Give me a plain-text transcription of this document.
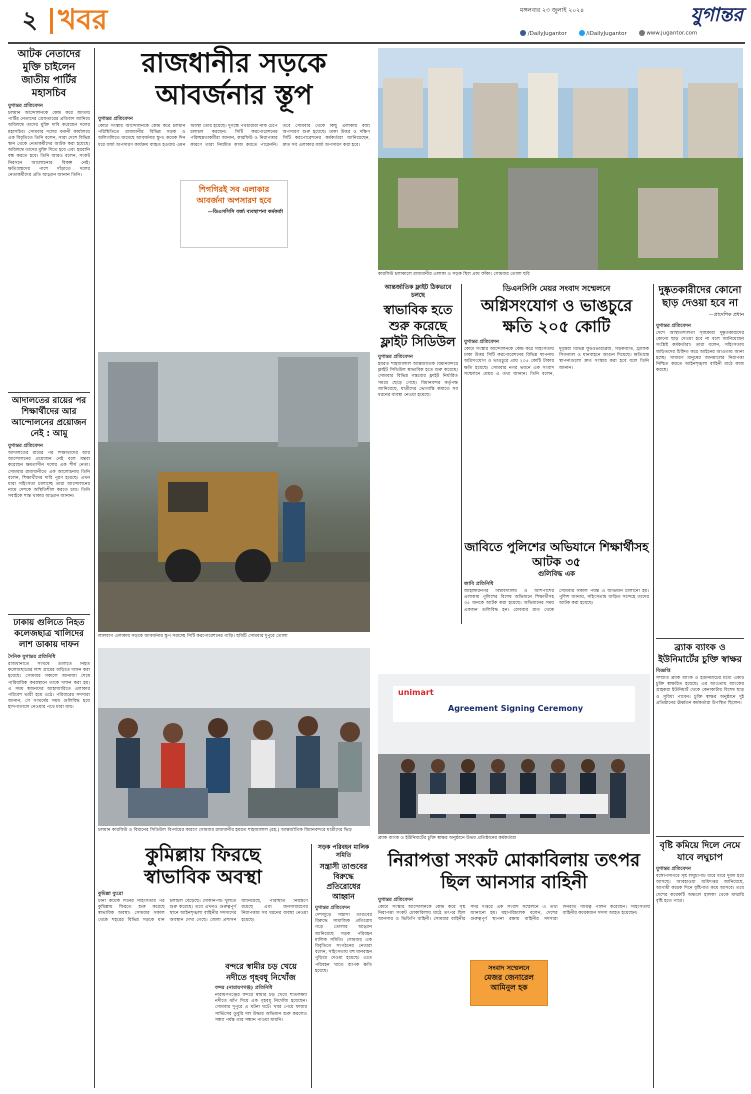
২ খবর	মঙ্গলবার ২৩ জুলাই ২০২৪	যুগান্তর
/DailyJugantor	/iDailyJugantor	www.jugantor.com
আটক নেতাদের মুক্তি চাইলেন জাতীয় পার্টির মহাসচিব
যুগান্তর প্রতিবেদন
চলমান আন্দোলনকে কেন্দ্র করে জাতীয় পার্টির নেতাদের গ্রেফতারের প্রতিবাদ জানিয়ে অবিলম্বে তাদের মুক্তি দাবি করেছেন দলের মহাসচিব। সোমবার দলের বনানী কার্যালয়ে এক বিবৃতিতে তিনি বলেন, সারা দেশে বিভিন্ন স্থান থেকে নেতাকর্মীদের আটক করা হয়েছে। অবিলম্বে তাদের মুক্তি দিতে হবে এবং হয়রানি বন্ধ করতে হবে। তিনি আরও বলেন, সংকট নিরসনে আলোচনার বিকল্প নেই। ক্ষতিগ্রস্তদের পাশে দাঁড়াতে দলের নেতাকর্মীদের প্রতি আহ্বান জানান তিনি।
আদালতের রায়ের পর শিক্ষার্থীদের আর আন্দোলনের প্রয়োজন নেই : আমু
যুগান্তর প্রতিবেদন
আদালতের রায়ের পর শিক্ষার্থীদের আর আন্দোলনের প্রয়োজন নেই বলে মন্তব্য করেছেন ক্ষমতাসীন দলের এক শীর্ষ নেতা। সোমবার রাজধানীতে এক আলোচনায় তিনি বলেন, শিক্ষার্থীদের দাবি পূরণ হয়েছে। এখন যারা সহিংসতা চালাচ্ছে তারা আন্দোলনের নামে দেশকে অস্থিতিশীল করতে চায়। তিনি সবাইকে শান্ত থাকার আহ্বান জানান।
ঢাকায় গুলিতে নিহত কলেজছাত্র খালিদের লাশ ডাকায় দাফন
দৈনিক যুগান্তর প্রতিনিধি
রাজধানীতে সংঘর্ষে গুলিতে নিহত কলেজছাত্রের লাশ গ্রামের বাড়িতে দাফন করা হয়েছে। সোমবার সকালে জানাজা শেষে পারিবারিক কবরস্থানে তাকে দাফন করা হয়। এ সময় স্বজনদের আহাজারিতে এলাকার পরিবেশ ভারী হয়ে ওঠে। পরিবারের সদস্যরা জানান, সে সংঘর্ষের সময় গুলিবিদ্ধ হয়ে হাসপাতালে নেওয়ার পথে মারা যায়।
রাজধানীর সড়কে
আবর্জনার স্তূপ
যুগান্তর প্রতিবেদন
কোটা সংস্কার আন্দোলনকে কেন্দ্র করে চলমান পরিস্থিতিতে রাজধানীর বিভিন্ন সড়ক ও অলিগলিতে জমেছে আবর্জনার স্তূপ। কয়েক দিন ধরে বর্জ্য অপসারণ কার্যক্রম ব্যাহত হওয়ায় এমন অবস্থা তৈরি হয়েছে। দুর্গন্ধে পথচারীরা নাক চেপে চলাচল করছেন। সিটি করপোরেশনের পরিচ্ছন্নতাকর্মীরা জানান, কারফিউ ও নিরাপত্তার কারণে তারা নিয়মিত কাজ করতে পারেননি। তবে সোমবার থেকে কিছু এলাকায় বর্জ্য অপসারণ শুরু হয়েছে। ঢাকা উত্তর ও দক্ষিণ সিটি করপোরেশনের কর্মকর্তারা জানিয়েছেন, দ্রুত সব এলাকার বর্জ্য অপসারণ করা হবে।
শিগগিরই সব এলাকার আবর্জনা অপসারণ হবে
—ডিএসসিসি বর্জ্য ব্যবস্থাপনা কর্মকর্তা
লালবাগ এলাকায় সড়কে আবর্জনার স্তূপ সরাচ্ছে সিটি করপোরেশনের গাড়ি। ছবিটি সোমবার দুপুরে তোলা
চলমান কারফিউ ও বিমানের সিডিউল বিপর্যয়ের কারণে সোমবার রাজধানীর হযরত শাহজালাল (রহ.) আন্তর্জাতিক বিমানবন্দরে যাত্রীদের ভিড়
কুমিল্লায় ফিরছে
স্বাভাবিক অবস্থা
কুমিল্লা ব্যুরো
টানা কয়েক দিনের সহিংসতার পর কুমিল্লায় ফিরতে শুরু করেছে স্বাভাবিক অবস্থা। সোমবার সকাল থেকে শহরের বিভিন্ন সড়কে যান চলাচল বেড়েছে। দোকানপাট খুলতে শুরু করেছে। তবে এখনও গুরুত্বপূর্ণ স্থানে আইনশৃঙ্খলা বাহিনীর সদস্যদের অবস্থান দেখা গেছে। জেলা প্রশাসন জানিয়েছে, পরিস্থিতি নিয়ন্ত্রণে রয়েছে এবং জনসাধারণের নিরাপত্তায় সব ধরনের ব্যবস্থা নেওয়া হয়েছে।
বন্দরে স্বামীর চড় খেয়ে নদীতে গৃহবধূ নিখোঁজ
বন্দর (নারায়ণগঞ্জ) প্রতিনিধি
নারায়ণগঞ্জের বন্দরে স্বামীর চড় খেয়ে শীতলক্ষ্যা নদীতে ঝাঁপ দিয়ে এক গৃহবধূ নিখোঁজ হয়েছেন। সোমবার দুপুরে এ ঘটনা ঘটে। খবর পেয়ে ফায়ার সার্ভিসের ডুবুরি দল উদ্ধার অভিযান শুরু করলেও সন্ধ্যা পর্যন্ত তার সন্ধান পাওয়া যায়নি।
সড়ক পরিবহন মালিক সমিতি
সন্ত্রাসী তাণ্ডবের বিরুদ্ধে প্রতিরোধের আহ্বান
যুগান্তর প্রতিবেদন
দেশজুড়ে সন্ত্রাসী তাণ্ডবের বিরুদ্ধে সামাজিক প্রতিরোধ গড়ে তোলার আহ্বান জানিয়েছে সড়ক পরিবহন মালিক সমিতি। সোমবার এক বিবৃতিতে সংগঠনের নেতারা বলেন, সহিংসতায় বহু যানবাহন পুড়িয়ে দেওয়া হয়েছে। এতে পরিবহন খাতে ব্যাপক ক্ষতি হয়েছে।
কারফিউ চলাকালে রাজধানীর এলাকা ও সড়ক ছিল প্রায় ফাঁকা। সোমবার তোলা ছবি
আন্তর্জাতিক ফ্লাইট ঠিকভাবে চলছে
স্বাভাবিক হতে শুরু করেছে ফ্লাইট সিডিউল
যুগান্তর প্রতিবেদন
হযরত শাহজালাল আন্তর্জাতিক বিমানবন্দরে ফ্লাইট সিডিউল স্বাভাবিক হতে শুরু করেছে। সোমবার বিভিন্ন গন্তব্যের ফ্লাইট নির্ধারিত সময়ে ছেড়ে গেছে। বিমানবন্দর কর্তৃপক্ষ জানিয়েছে, যাত্রীদের ভোগান্তি কমাতে সব ধরনের ব্যবস্থা নেওয়া হয়েছে।
ডিএনসিসি মেয়র সংবাদ সম্মেলনে
অগ্নিসংযোগ ও ভাঙচুরে ক্ষতি ২০৫ কোটি
যুগান্তর প্রতিবেদন
কোটা সংস্কার আন্দোলনকে কেন্দ্র করে সহিংসতায় ঢাকা উত্তর সিটি করপোরেশনের বিভিন্ন স্থাপনায় অগ্নিসংযোগ ও ভাঙচুরে প্রায় ২০৫ কোটি টাকার ক্ষতি হয়েছে। সোমবার নগর ভবনে এক সংবাদ সম্মেলনে মেয়র এ তথ্য জানান। তিনি বলেন, দুর্বৃত্তরা বিভিন্ন ফুটওভারব্রিজ, সড়কবাতি, ট্রাফিক সিগন্যাল ও যানবাহনে আগুন দিয়েছে। ক্ষতিগ্রস্ত স্থাপনাগুলো দ্রুত সংস্কার করা হবে বলে তিনি জানান।
জাবিতে পুলিশের অভিযানে শিক্ষার্থীসহ আটক ৩৫
গুলিবিদ্ধ এক
জাবি প্রতিনিধি
জাহাঙ্গীরনগর বিশ্ববিদ্যালয় ও আশপাশের এলাকায় পুলিশের বিশেষ অভিযানে শিক্ষার্থীসহ ৩৫ জনকে আটক করা হয়েছে। অভিযানের সময় একজন গুলিবিদ্ধ হন। রোববার রাত থেকে সোমবার সকাল পর্যন্ত এ অভিযান চালানো হয়। পুলিশ জানায়, সহিংসতায় জড়িত সন্দেহে তাদের আটক করা হয়েছে।
unimart
Agreement Signing Ceremony
ব্র্যাক ব্যাংক ও ইউনিমার্টের চুক্তি স্বাক্ষর অনুষ্ঠানে উভয় প্রতিষ্ঠানের কর্মকর্তারা
নিরাপত্তা সংকট মোকাবিলায় তৎপর ছিল আনসার বাহিনী
যুগান্তর প্রতিবেদন
কোটা সংস্কার আন্দোলনকে কেন্দ্র করে সৃষ্ট নিরাপত্তা সংকট মোকাবিলায় মাঠে তৎপর ছিল আনসার ও ভিডিপি বাহিনী। সোমবার বাহিনীর সদর দপ্তরে এক সংবাদ সম্মেলনে এ তথ্য জানানো হয়। মহাপরিচালক বলেন, দেশের গুরুত্বপূর্ণ স্থাপনা রক্ষায় বাহিনীর সদস্যরা দিনরাত দায়িত্ব পালন করেছেন। সহিংসতায় বাহিনীর কয়েকজন সদস্য আহত হয়েছেন।
সংবাদ সম্মেলনে
মেজর জেনারেল
আমিনুল হক
দুষ্কৃতকারীদের কোনো ছাড় দেওয়া হবে না
—প্রাদেশিক প্রধান
যুগান্তর প্রতিবেদন
দেশে অস্থিতিশীলতা সৃষ্টিকারী দুষ্কৃতকারীদের কোনো ছাড় দেওয়া হবে না বলে জানিয়েছেন সংশ্লিষ্ট কর্মকর্তারা। তারা বলেন, সহিংসতায় জড়িতদের চিহ্নিত করে আইনের আওতায় আনা হচ্ছে। সাধারণ মানুষের জানমালের নিরাপত্তা নিশ্চিত করতে আইনশৃঙ্খলা বাহিনী মাঠে কাজ করছে।
ব্র্যাক ব্যাংক ও ইউনিমার্টের চুক্তি স্বাক্ষর
বিজ্ঞপ্তি
সম্প্রতি ব্র্যাক ব্যাংক ও ইউনিমার্টের মধ্যে একটি চুক্তি স্বাক্ষরিত হয়েছে। এর আওতায় ব্যাংকের গ্রাহকরা ইউনিমার্ট থেকে কেনাকাটায় বিশেষ ছাড় ও সুবিধা পাবেন। চুক্তি স্বাক্ষর অনুষ্ঠানে দুই প্রতিষ্ঠানের ঊর্ধ্বতন কর্মকর্তারা উপস্থিত ছিলেন।
বৃষ্টি কমিয়ে দিলে নেমে যাবে লঘুচাপ
যুগান্তর প্রতিবেদন
বঙ্গোপসাগরে সৃষ্ট লঘুচাপটি ধীরে ধীরে দুর্বল হয়ে আসছে। আবহাওয়া অধিদপ্তর জানিয়েছে, আগামী কয়েক দিনে বৃষ্টিপাত কমে আসবে। তবে দেশের কয়েকটি অঞ্চলে হালকা থেকে মাঝারি বৃষ্টি হতে পারে।
